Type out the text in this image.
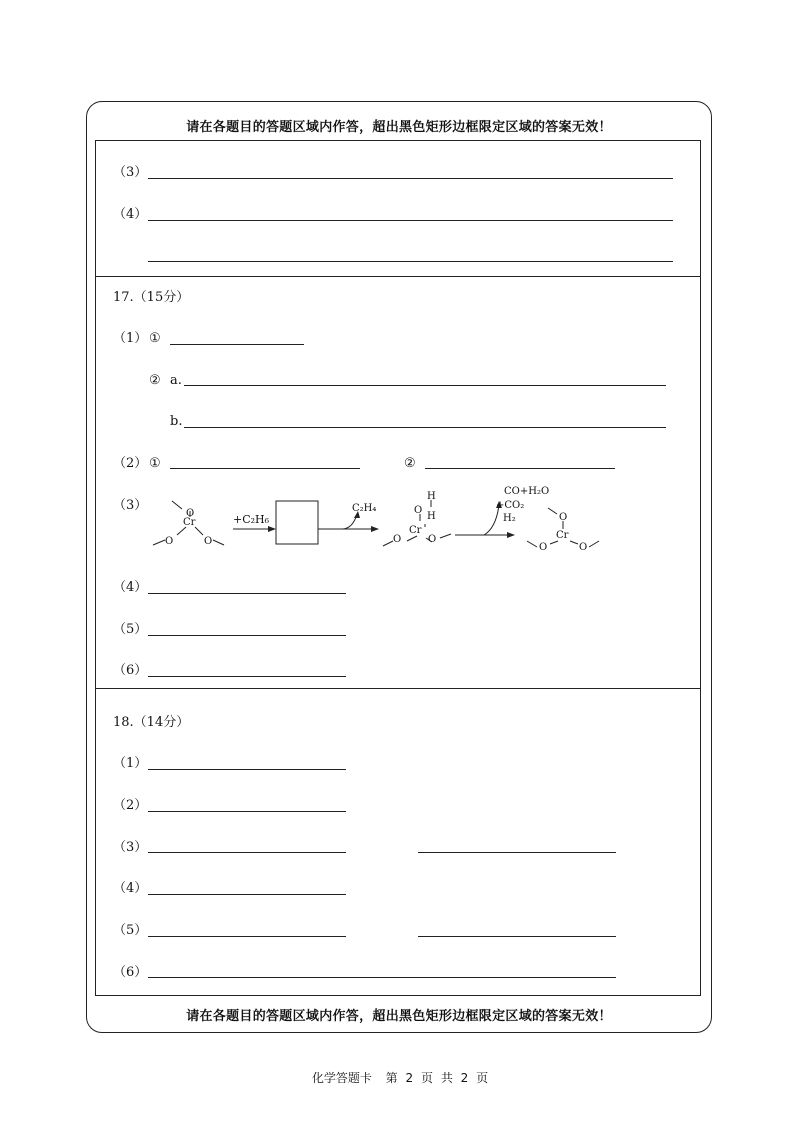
请在各题目的答题区域内作答，超出黑色矩形边框限定区域的答案无效！
（3）
（4）
17.（15分）
（1） ①
② a.
b.
（2） ①	②
（3）
O
Cr
O	O
+C₂H₆
C₂H₄
H
O
H
Cr
O	O
CO+H₂O
+CO₂
H₂	O
Cr
O	O
（4）
（5）
（6）
18.（14分）
（1）
（2）
（3）
（4）
（5）
（6）
请在各题目的答题区域内作答，超出黑色矩形边框限定区域的答案无效！
化学答题卡 第 2 页 共 2 页
